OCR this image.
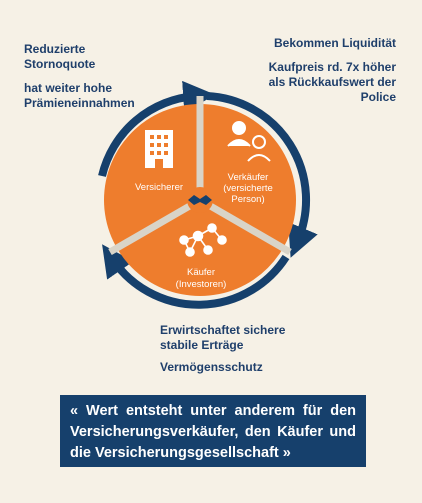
Reduzierte Stornoquote
hat weiter hohe Prämieneinnahmen
Bekommen Liquidität
Kaufpreis rd. 7x höher als Rückkaufswert der Police
Erwirtschaftet sichere stabile Erträge
Vermögensschutz
Versicherer
Verkäufer
(versicherte
Person)
Käufer
(Investoren)
« Wert entsteht unter anderem für den Versicherungsverkäufer, den Käufer und die Versicherungsgesellschaft »
